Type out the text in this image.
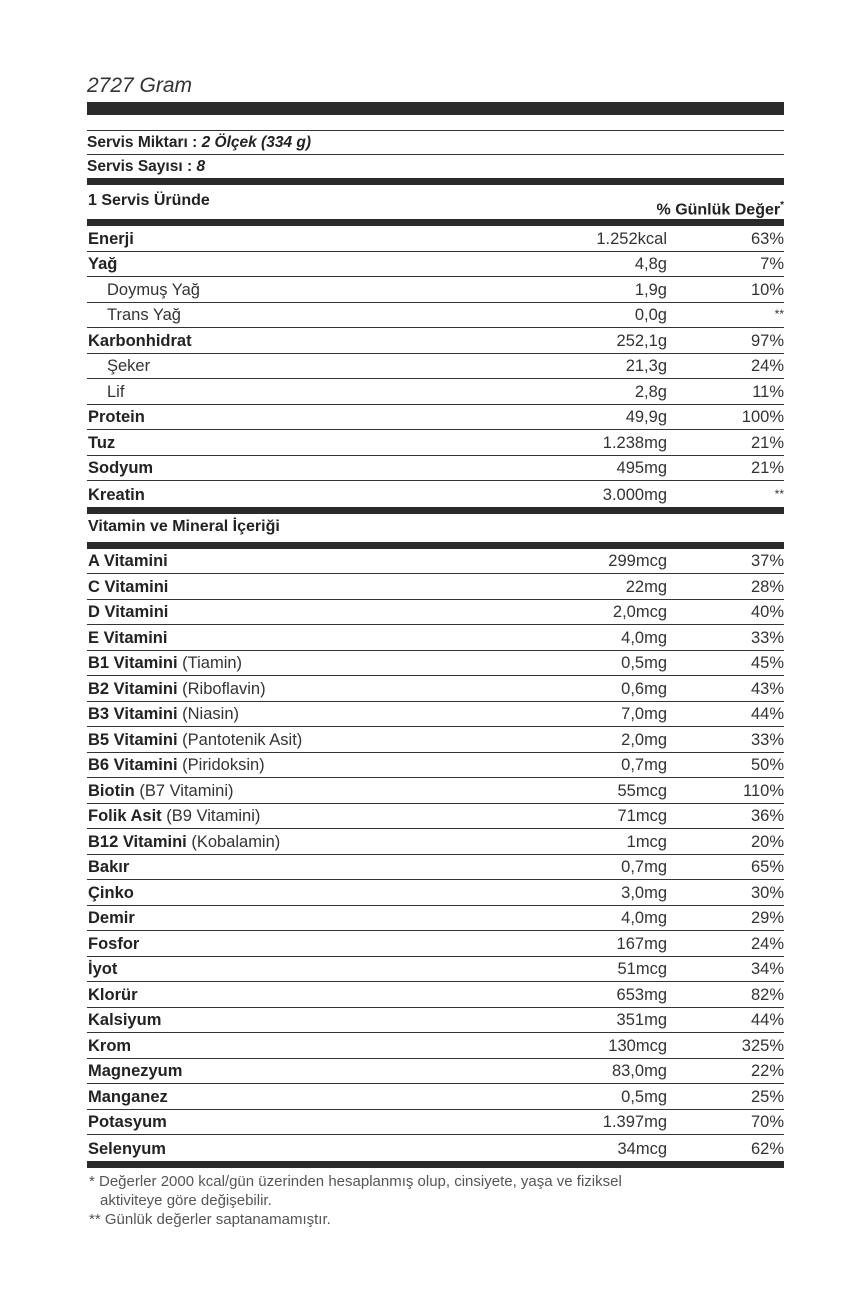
2727 Gram
Servis Miktarı : 2 Ölçek (334 g)
Servis Sayısı : 8
1 Servis Üründe
% Günlük Değer*
Enerji	1.252kcal	63%
Yağ	4,8g	7%
Doymuş Yağ	1,9g	10%
Trans Yağ	0,0g	**
Karbonhidrat	252,1g	97%
Şeker	21,3g	24%
Lif	2,8g	11%
Protein	49,9g	100%
Tuz	1.238mg	21%
Sodyum	495mg	21%
Kreatin	3.000mg	**
Vitamin ve Mineral İçeriği
A Vitamini	299mcg	37%
C Vitamini	22mg	28%
D Vitamini	2,0mcg	40%
E Vitamini	4,0mg	33%
B1 Vitamini (Tiamin)	0,5mg	45%
B2 Vitamini (Riboflavin)	0,6mg	43%
B3 Vitamini (Niasin)	7,0mg	44%
B5 Vitamini (Pantotenik Asit)	2,0mg	33%
B6 Vitamini (Piridoksin)	0,7mg	50%
Biotin (B7 Vitamini)	55mcg	110%
Folik Asit (B9 Vitamini)	71mcg	36%
B12 Vitamini (Kobalamin)	1mcg	20%
Bakır	0,7mg	65%
Çinko	3,0mg	30%
Demir	4,0mg	29%
Fosfor	167mg	24%
İyot	51mcg	34%
Klorür	653mg	82%
Kalsiyum	351mg	44%
Krom	130mcg	325%
Magnezyum	83,0mg	22%
Manganez	0,5mg	25%
Potasyum	1.397mg	70%
Selenyum	34mcg	62%
* Değerler 2000 kcal/gün üzerinden hesaplanmış olup, cinsiyete, yaşa ve fiziksel
aktiviteye göre değişebilir.
** Günlük değerler saptanamamıştır.
